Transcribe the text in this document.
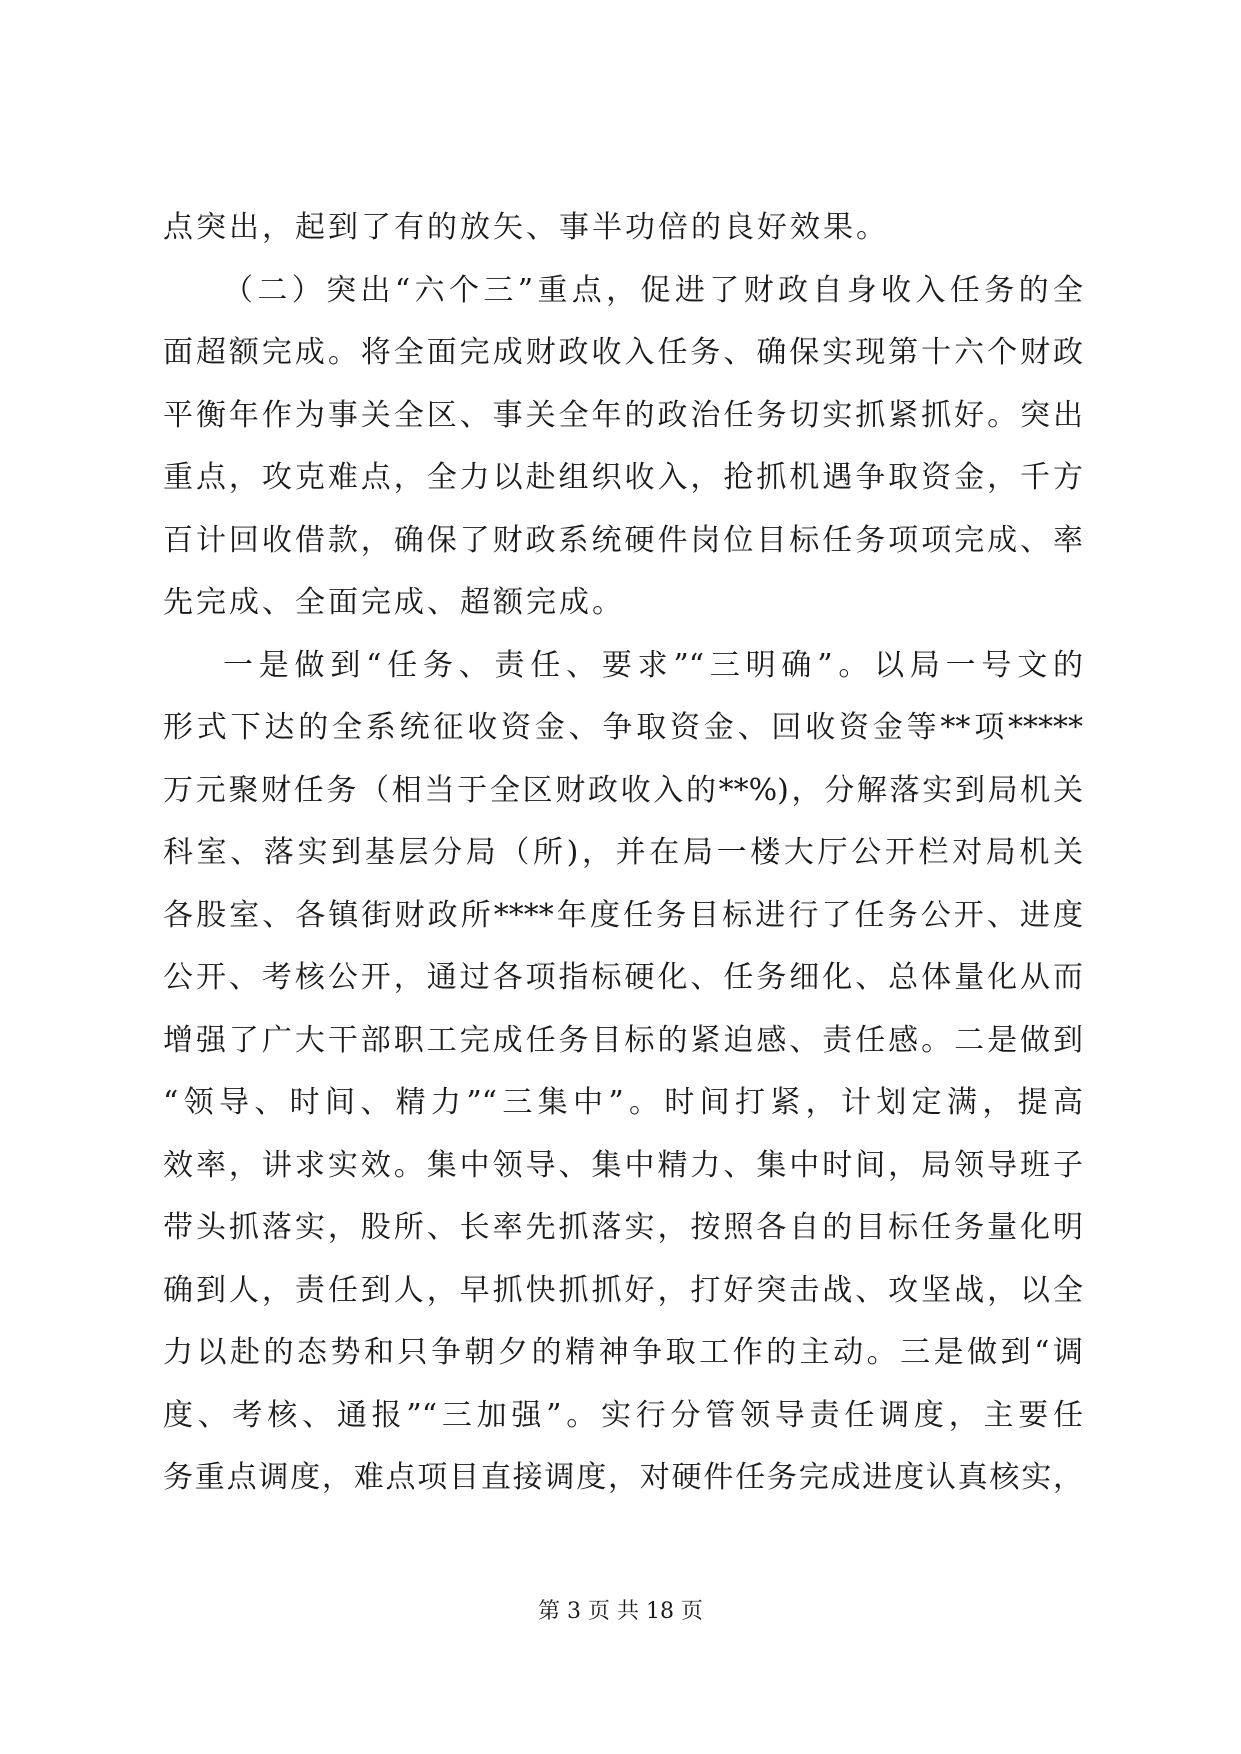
点突出，起到了有的放矢、事半功倍的良好效果。
（二）突出“六个三”重点，促进了财政自身收入任务的全
面超额完成。将全面完成财政收入任务、确保实现第十六个财政
平衡年作为事关全区、事关全年的政治任务切实抓紧抓好。突出
重点，攻克难点，全力以赴组织收入，抢抓机遇争取资金，千方
百计回收借款，确保了财政系统硬件岗位目标任务项项完成、率
先完成、全面完成、超额完成。
一是做到“任务、责任、要求”“三明确”。以局一号文的
形式下达的全系统征收资金、争取资金、回收资金等**项*****
万元聚财任务（相当于全区财政收入的**%)，分解落实到局机关
科室、落实到基层分局（所)，并在局一楼大厅公开栏对局机关
各股室、各镇街财政所****年度任务目标进行了任务公开、进度
公开、考核公开，通过各项指标硬化、任务细化、总体量化从而
增强了广大干部职工完成任务目标的紧迫感、责任感。二是做到
“领导、时间、精力”“三集中”。时间打紧，计划定满，提高
效率，讲求实效。集中领导、集中精力、集中时间，局领导班子
带头抓落实，股所、长率先抓落实，按照各自的目标任务量化明
确到人，责任到人，早抓快抓抓好，打好突击战、攻坚战，以全
力以赴的态势和只争朝夕的精神争取工作的主动。三是做到“调
度、考核、通报”“三加强”。实行分管领导责任调度，主要任
务重点调度，难点项目直接调度，对硬件任务完成进度认真核实，
第 3 页 共 18 页
